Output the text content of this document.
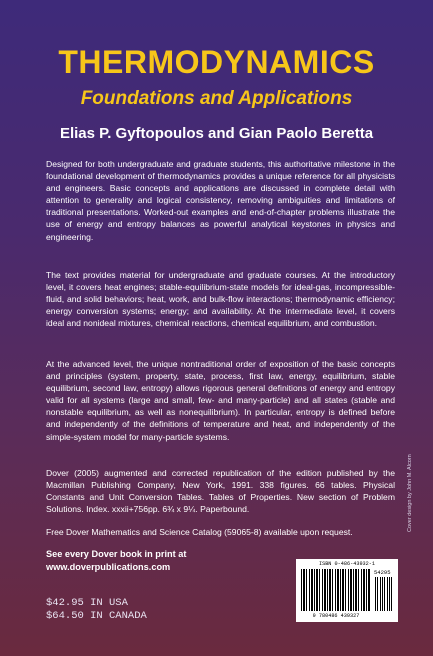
THERMODYNAMICS
Foundations and Applications
Elias P. Gyftopoulos and Gian Paolo Beretta
Designed for both undergraduate and graduate students, this authoritative milestone in the foundational development of thermodynamics provides a unique reference for all physicists and engineers. Basic concepts and applications are discussed in complete detail with attention to generality and logical consistency, removing ambiguities and limitations of traditional presentations. Worked-out examples and end-of-chapter problems illustrate the use of energy and entropy balances as powerful analytical keystones in physics and engineering.
The text provides material for undergraduate and graduate courses. At the introductory level, it covers heat engines; stable-equilibrium-state models for ideal-gas, incompressible-fluid, and solid behaviors; heat, work, and bulk-flow interactions; thermodynamic efficiency; energy conversion systems; energy; and availability. At the intermediate level, it covers ideal and nonideal mixtures, chemical reactions, chemical equilibrium, and combustion.
At the advanced level, the unique nontraditional order of exposition of the basic concepts and principles (system, property, state, process, first law, energy, equilibrium, stable equilibrium, second law, entropy) allows rigorous general definitions of energy and entropy valid for all systems (large and small, few- and many-particle) and all states (stable and nonstable equilibrium, as well as nonequilibrium). In particular, entropy is defined before and independently of the definitions of temperature and heat, and independently of the simple-system model for many-particle systems.
Dover (2005) augmented and corrected republication of the edition published by the Macmillan Publishing Company, New York, 1991. 338 figures. 66 tables. Physical Constants and Unit Conversion Tables. Tables of Properties. New section of Problem Solutions. Index. xxxii+756pp. 6¾ x 9¼. Paperbound.
Free Dover Mathematics and Science Catalog (59065-8) available upon request.
See every Dover book in print at
www.doverpublications.com
$42.95 IN USA
$64.50 IN CANADA
ISBN 0-486-43932-1
54295
9 780486 439327
Cover design by John M. Alcorn
